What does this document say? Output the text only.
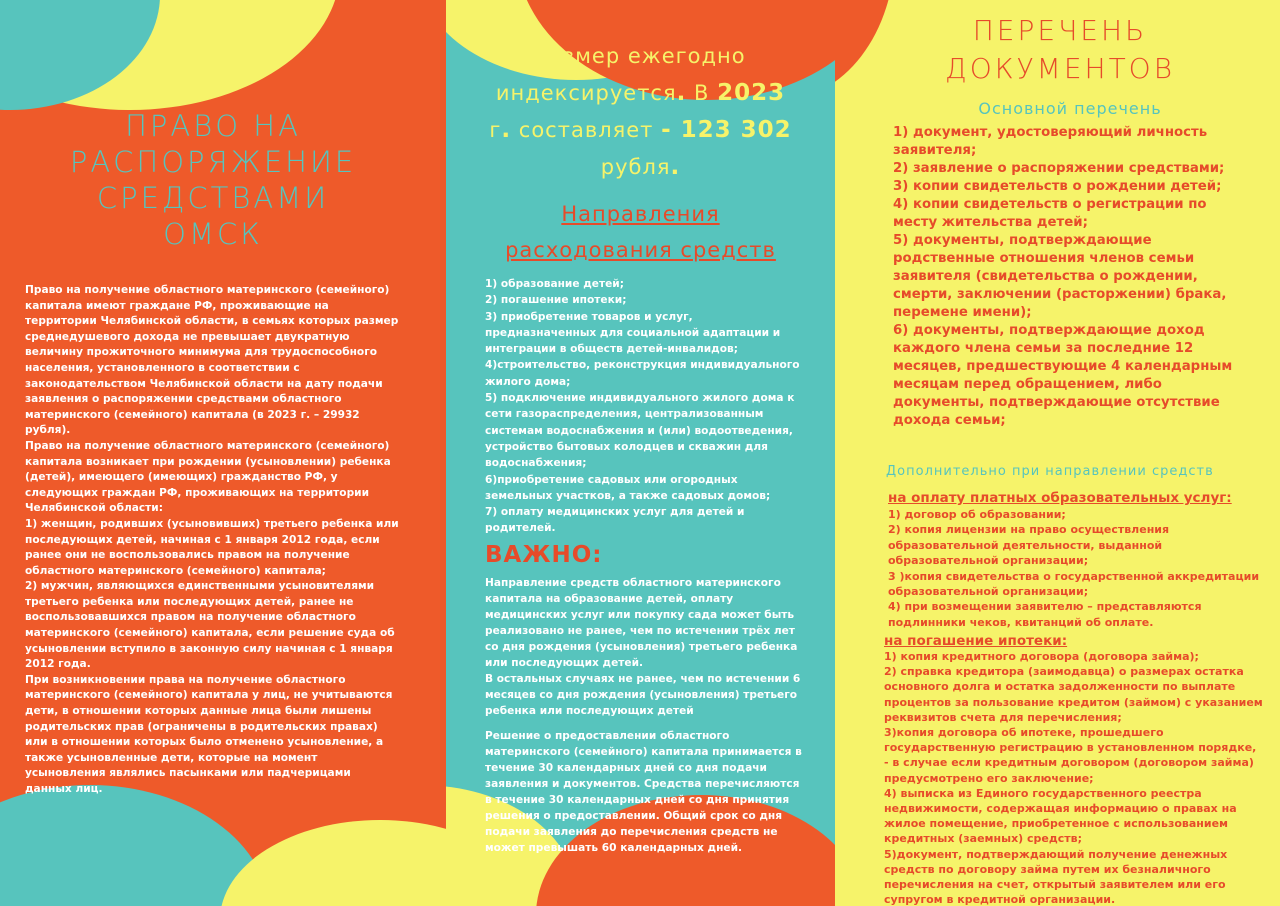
ПРАВО НА
РАСПОРЯЖЕНИЕ
СРЕДСТВАМИ
ОМСК

Право на получение областного материнского (семейного) капитала имеют граждане РФ, проживающие на территории Челябинской области, в семьях которых размер среднедушевого дохода не превышает двукратную величину прожиточного минимума для трудоспособного населения, установленного в соответствии с законодательством Челябинской области на дату подачи заявления о распоряжении средствами областного материнского (семейного) капитала (в 2023 г. – 29932 рубля).

Право на получение областного материнского (семейного) капитала возникает при рождении (усыновлении) ребенка (детей), имеющего (имеющих) гражданство РФ, у следующих граждан РФ, проживающих на территории Челябинской области:

1) женщин, родивших (усыновивших) третьего ребенка или последующих детей, начиная с 1 января 2012 года, если ранее они не воспользовались правом на получение областного материнского (семейного) капитала;

2) мужчин, являющихся единственными усыновителями третьего ребенка или последующих детей, ранее не воспользовавшихся правом на получение областного материнского (семейного) капитала, если решение суда об усыновлении вступило в законную силу начиная с 1 января 2012 года.

При возникновении права на получение областного материнского (семейного) капитала у лиц, не учитываются дети, в отношении которых данные лица были лишены родительских прав (ограничены в родительских правах) или в отношении которых было отменено усыновление, а также усыновленные дети, которые на момент усыновления являлись пасынками или падчерицами данных лиц.

Размер ежегодно индексируется. В 2023
г. составляет - 123 302
рубля.
Направления
расходования средств
1) образование детей;
2) погашение ипотеки;
3) приобретение товаров и услуг, предназначенных для социальной адаптации и интеграции в обществ детей-инвалидов;
4)строительство, реконструкция индивидуального жилого дома;
5) подключение индивидуального жилого дома к сети газораспределения, централизованным системам водоснабжения и (или) водоотведения, устройство бытовых колодцев и скважин для водоснабжения;
6)приобретение садовых или огородных земельных участков, а также садовых домов;
7) оплату медицинских услуг для детей и родителей.
ВАЖНО:

Направление средств областного материнского капитала на образование детей, оплату медицинских услуг или покупку сада может быть реализовано не ранее, чем по истечении трёх лет со дня рождения (усыновления) третьего ребенка или последующих детей.

В остальных случаях не ранее, чем по истечении 6 месяцев со дня рождения (усыновления) третьего ребенка или последующих детей

Решение о предоставлении областного материнского (семейного) капитала принимается в течение 30 календарных дней со дня подачи заявления и документов. Средства перечисляются в течение 30 календарных дней со дня принятия решения о предоставлении. Общий срок со дня подачи заявления до перечисления средств не может превышать 60 календарных дней.
ПЕРЕЧЕНЬ
ДОКУМЕНТОВ
Основной перечень
1) документ, удостоверяющий личность заявителя;
2) заявление о распоряжении средствами;
3) копии свидетельств о рождении детей;
4) копии свидетельств о регистрации по месту жительства детей;
5) документы, подтверждающие родственные отношения членов семьи заявителя (свидетельства о рождении, смерти, заключении (расторжении) брака, перемене имени);
6) документы, подтверждающие доход каждого члена семьи за последние 12 месяцев, предшествующие 4 календарным месяцам перед обращением, либо документы, подтверждающие отсутствие дохода семьи;
Дополнительно при направлении средств
на оплату платных образовательных услуг:
1) договор об образовании;
2) копия лицензии на право осуществления образовательной деятельности, выданной образовательной организации;
3 )копия свидетельства о государственной аккредитации образовательной организации;
4) при возмещении заявителю – представляются подлинники чеков, квитанций об оплате.
на погашение ипотеки:
1) копия кредитного договора (договора займа);
2) справка кредитора (заимодавца) о размерах остатка основного долга и остатка задолженности по выплате процентов за пользование кредитом (займом) с указанием реквизитов счета для перечисления;
3)копия договора об ипотеке, прошедшего государственную регистрацию в установленном порядке, - в случае если кредитным договором (договором займа) предусмотрено его заключение;
4) выписка из Единого государственного реестра недвижимости, содержащая информацию о правах на жилое помещение, приобретенное с использованием кредитных (заемных) средств;
5)документ, подтверждающий получение денежных средств по договору займа путем их безналичного перечисления на счет, открытый заявителем или его супругом в кредитной организации.
